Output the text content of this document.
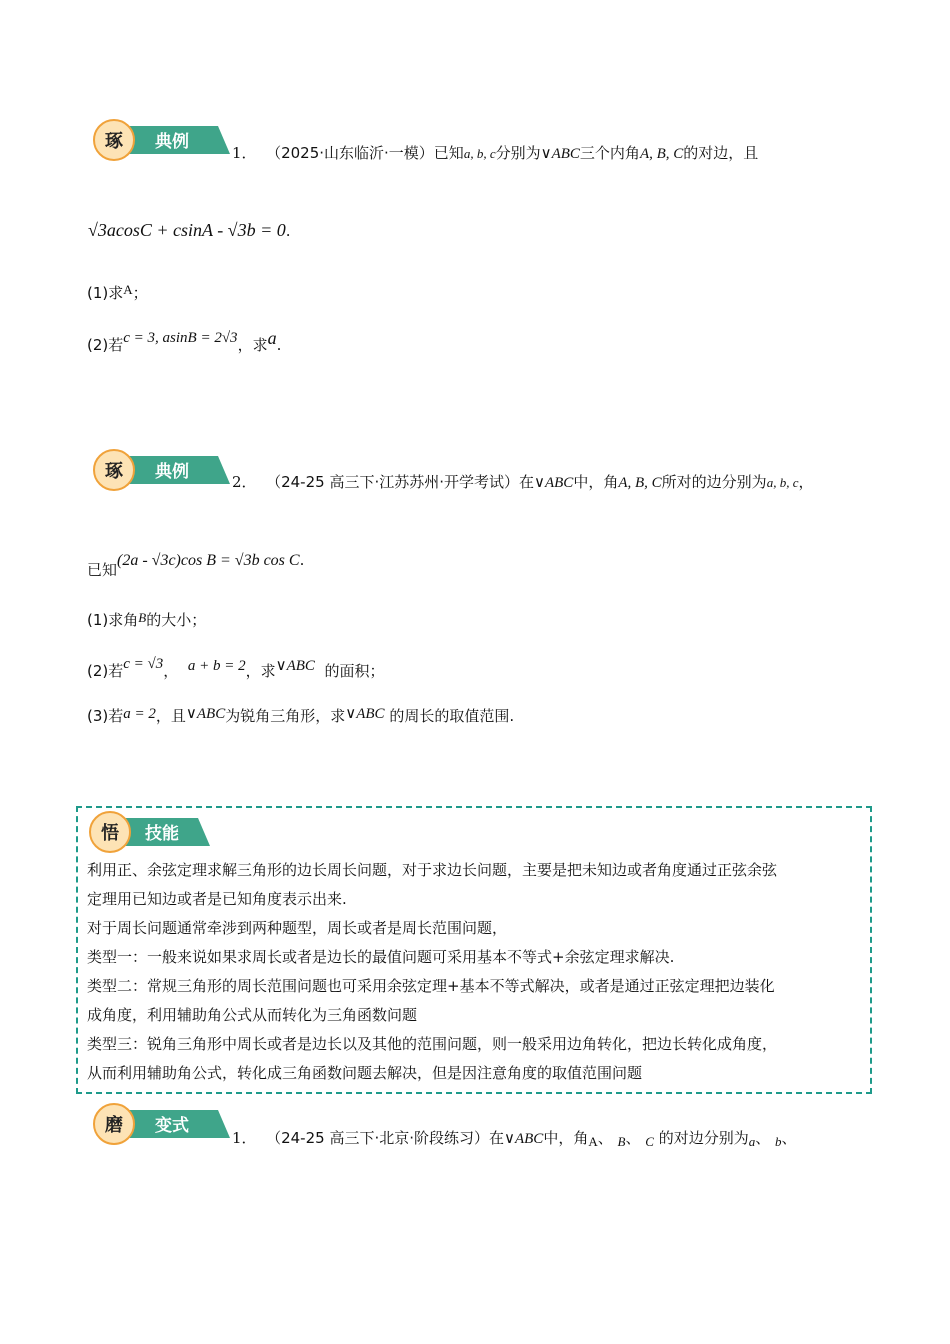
琢 典例
1． （2025·山东临沂·一模）已知a, b, c分别为∨ABC三个内角A, B, C的对边，且
√3acosC + csinA - √3b = 0.
(1)求A；
(2)若c = 3, asinB = 2√3，求a.
琢 典例	2． （24-25 高三下·江苏苏州·开学考试）在∨ABC中，角A, B, C所对的边分别为a, b, c，
已知(2a - √3c)cos B = √3b cos C.
(1)求角B的大小；
(2)若c = √3， a + b = 2，求∨ABC 的面积；
(3)若a = 2，且∨ABC为锐角三角形，求∨ABC 的周长的取值范围.
悟 技能
利用正、余弦定理求解三角形的边长周长问题，对于求边长问题，主要是把未知边或者角度通过正弦余弦
定理用已知边或者是已知角度表示出来.
对于周长问题通常牵涉到两种题型，周长或者是周长范围问题，
类型一：一般来说如果求周长或者是边长的最值问题可采用基本不等式+余弦定理求解决.
类型二：常规三角形的周长范围问题也可采用余弦定理+基本不等式解决，或者是通过正弦定理把边装化
成角度，利用辅助角公式从而转化为三角函数问题
类型三：锐角三角形中周长或者是边长以及其他的范围问题，则一般采用边角转化，把边长转化成角度，
从而利用辅助角公式，转化成三角函数问题去解决，但是因注意角度的取值范围问题
磨 变式
1． （24-25 高三下·北京·阶段练习）在∨ABC中，角A、 B、 C 的对边分别为a、 b、
